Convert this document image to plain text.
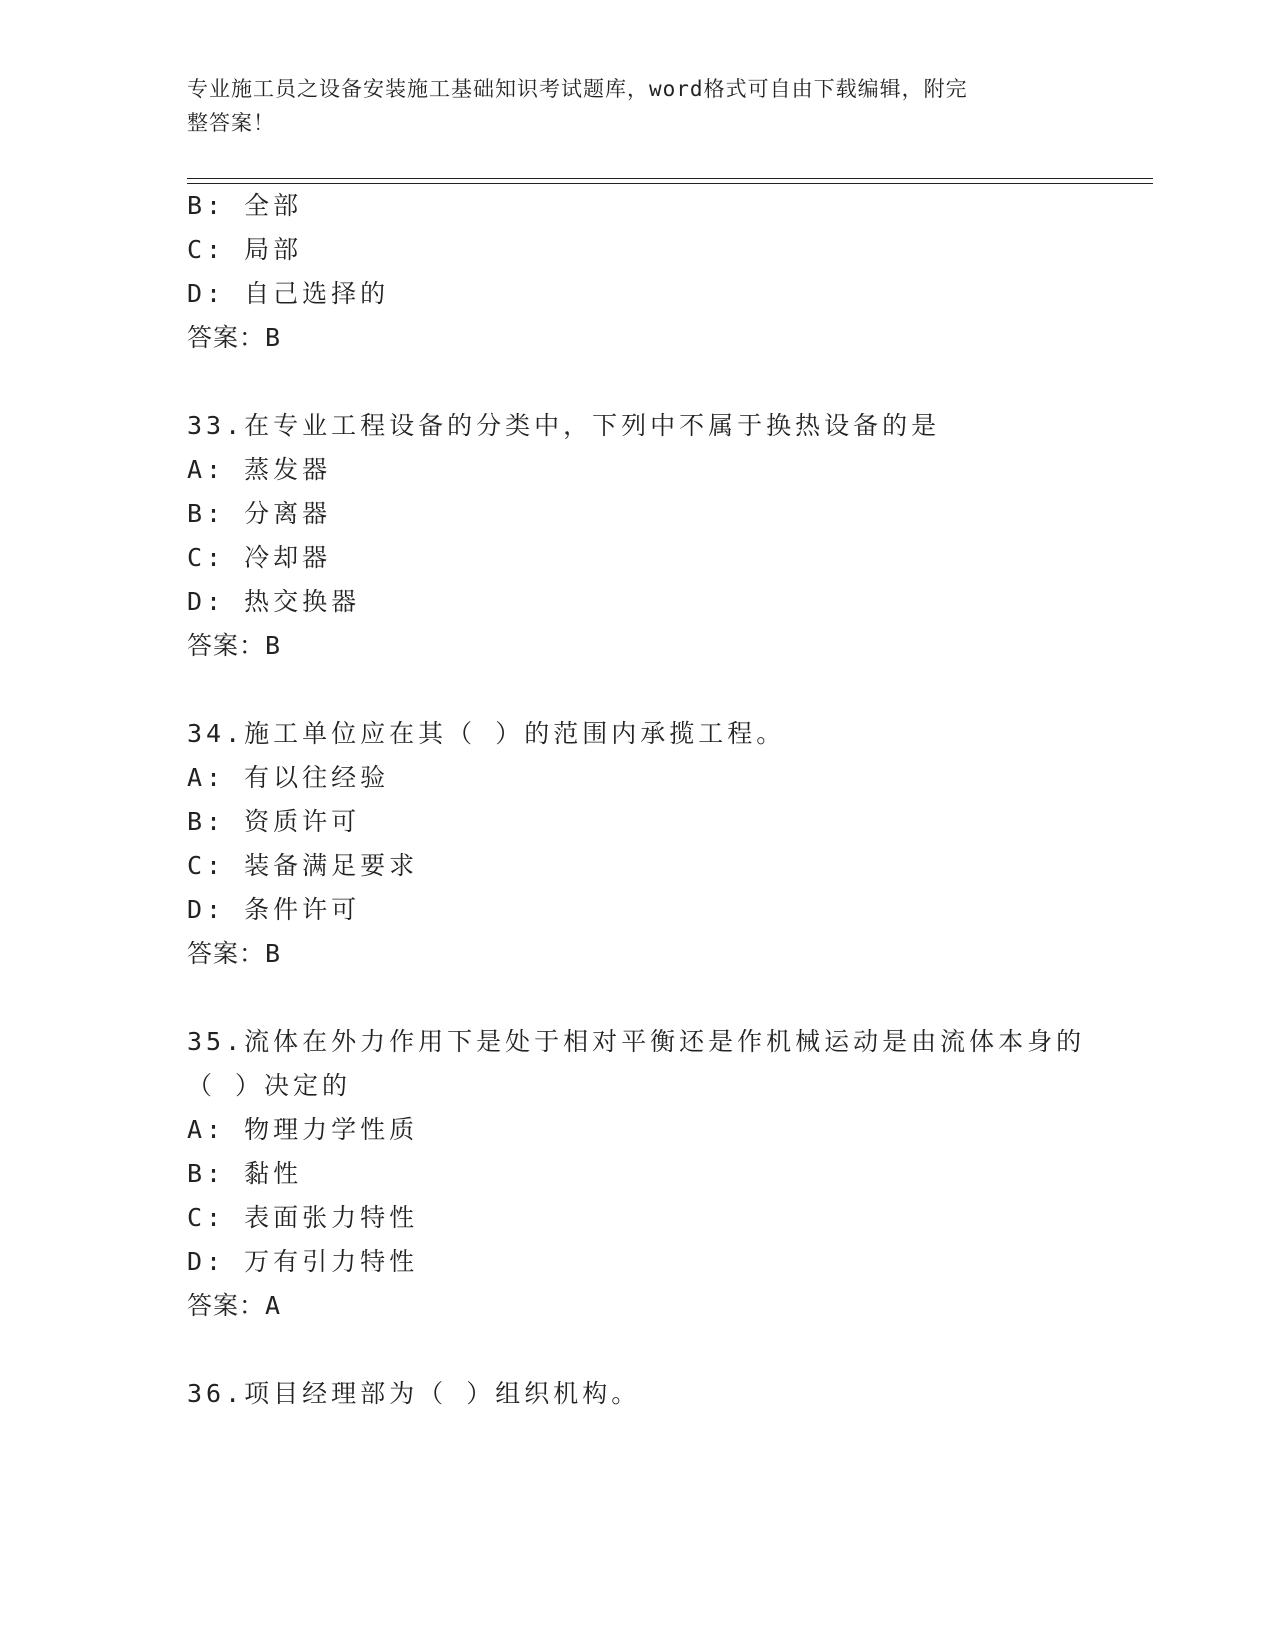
专业施工员之设备安装施工基础知识考试题库，word格式可自由下载编辑，附完
整答案！
B: 全部
C: 局部
D: 自己选择的
答案：B
33.在专业工程设备的分类中，下列中不属于换热设备的是
A: 蒸发器
B: 分离器
C: 冷却器
D: 热交换器
答案：B
34.施工单位应在其（ ）的范围内承揽工程。
A: 有以往经验
B: 资质许可
C: 装备满足要求
D: 条件许可
答案：B
35.流体在外力作用下是处于相对平衡还是作机械运动是由流体本身的
（ ）决定的
A: 物理力学性质
B: 黏性
C: 表面张力特性
D: 万有引力特性
答案：A
36.项目经理部为（ ）组织机构。
